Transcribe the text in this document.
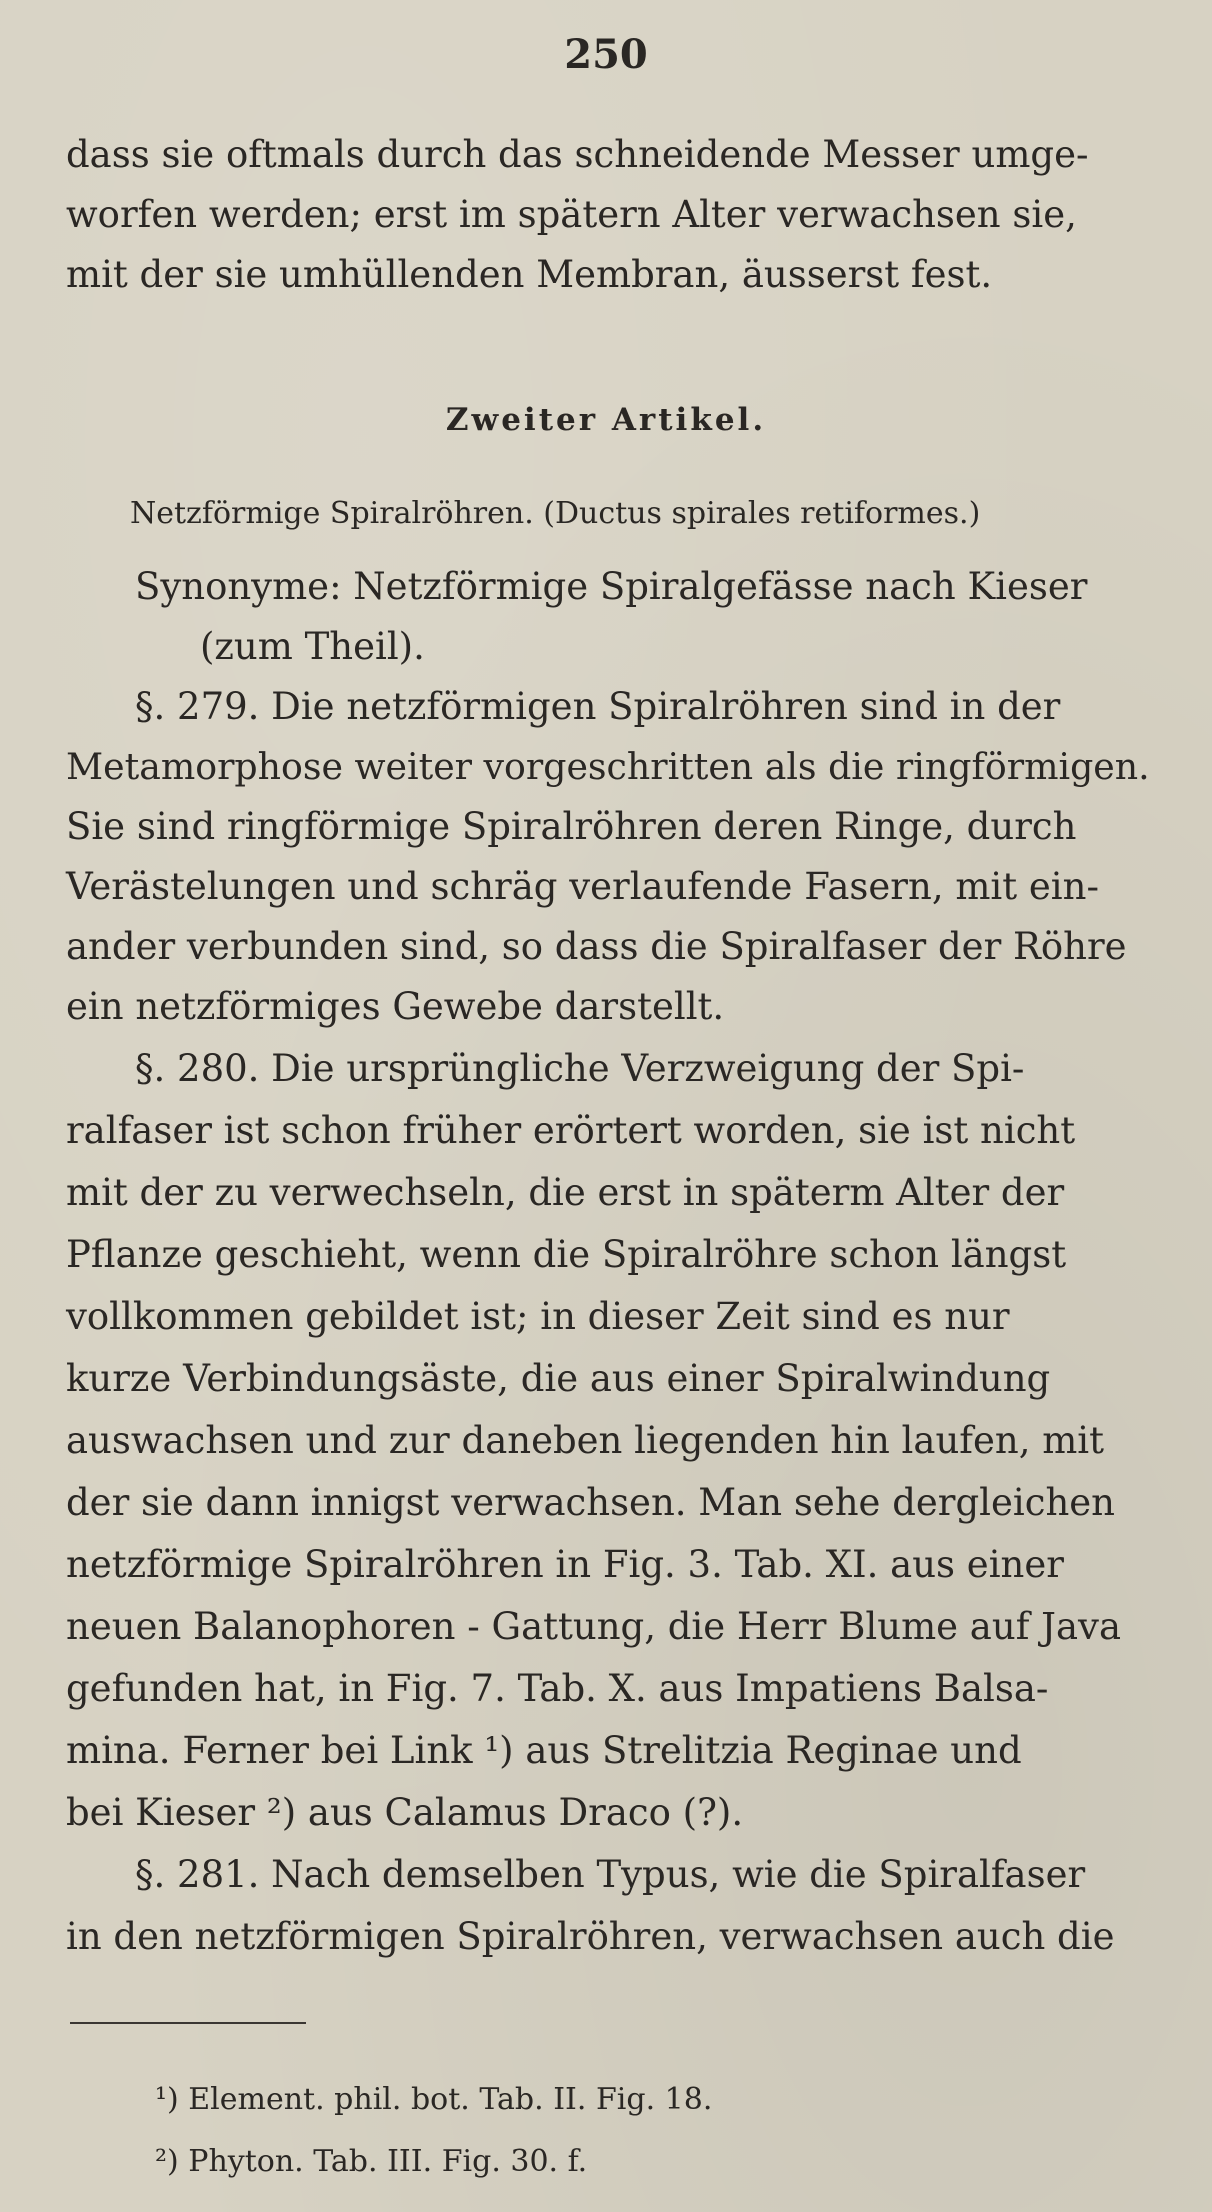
250
dass sie oftmals durch das schneidende Messer umge-
worfen werden; erst im spätern Alter verwachsen sie,
mit der sie umhüllenden Membran, äusserst fest.
Zweiter Artikel.
Netzförmige Spiralröhren. (Ductus spirales retiformes.)
Synonyme: Netzförmige Spiralgefässe nach Kieser
(zum Theil).
§. 279. Die netzförmigen Spiralröhren sind in der
Metamorphose weiter vorgeschritten als die ringförmigen.
Sie sind ringförmige Spiralröhren deren Ringe, durch
Verästelungen und schräg verlaufende Fasern, mit ein-
ander verbunden sind, so dass die Spiralfaser der Röhre
ein netzförmiges Gewebe darstellt.
§. 280. Die ursprüngliche Verzweigung der Spi-
ralfaser ist schon früher erörtert worden, sie ist nicht
mit der zu verwechseln, die erst in späterm Alter der
Pflanze geschieht, wenn die Spiralröhre schon längst
vollkommen gebildet ist; in dieser Zeit sind es nur
kurze Verbindungsäste, die aus einer Spiralwindung
auswachsen und zur daneben liegenden hin laufen, mit
der sie dann innigst verwachsen. Man sehe dergleichen
netzförmige Spiralröhren in Fig. 3. Tab. XI. aus einer
neuen Balanophoren - Gattung, die Herr Blume auf Java
gefunden hat, in Fig. 7. Tab. X. aus Impatiens Balsa-
mina. Ferner bei Link ¹) aus Strelitzia Reginae und
bei Kieser ²) aus Calamus Draco (?).
§. 281. Nach demselben Typus, wie die Spiralfaser
in den netzförmigen Spiralröhren, verwachsen auch die
¹) Element. phil. bot. Tab. II. Fig. 18.
²) Phyton. Tab. III. Fig. 30. f.
